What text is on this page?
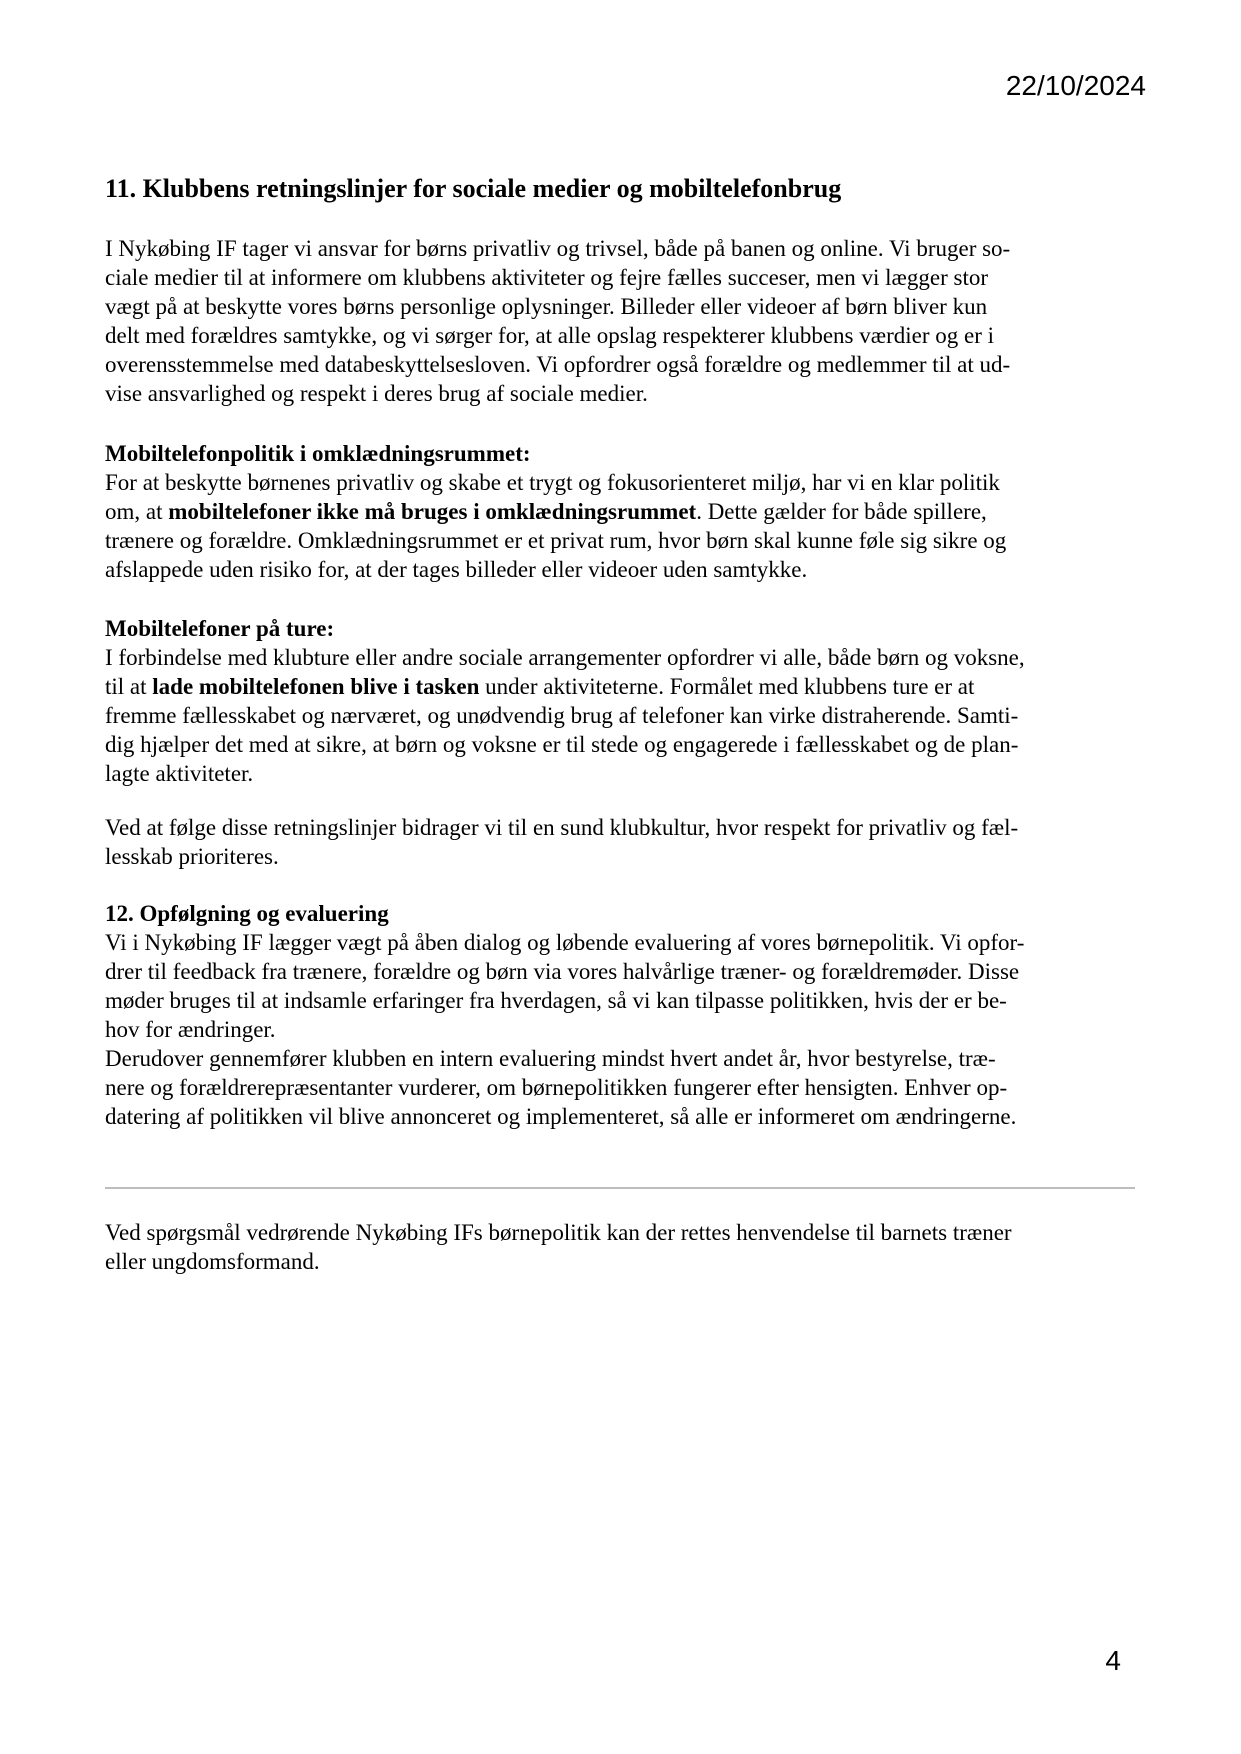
22/10/2024
11. Klubbens retningslinjer for sociale medier og mobiltelefonbrug
I Nykøbing IF tager vi ansvar for børns privatliv og trivsel, både på banen og online. Vi bruger so-
ciale medier til at informere om klubbens aktiviteter og fejre fælles succeser, men vi lægger stor
vægt på at beskytte vores børns personlige oplysninger. Billeder eller videoer af børn bliver kun
delt med forældres samtykke, og vi sørger for, at alle opslag respekterer klubbens værdier og er i
overensstemmelse med databeskyttelsesloven. Vi opfordrer også forældre og medlemmer til at ud-
vise ansvarlighed og respekt i deres brug af sociale medier.
Mobiltelefonpolitik i omklædningsrummet:
For at beskytte børnenes privatliv og skabe et trygt og fokusorienteret miljø, har vi en klar politik
om, at mobiltelefoner ikke må bruges i omklædningsrummet. Dette gælder for både spillere,
trænere og forældre. Omklædningsrummet er et privat rum, hvor børn skal kunne føle sig sikre og
afslappede uden risiko for, at der tages billeder eller videoer uden samtykke.
Mobiltelefoner på ture:
I forbindelse med klubture eller andre sociale arrangementer opfordrer vi alle, både børn og voksne,
til at lade mobiltelefonen blive i tasken under aktiviteterne. Formålet med klubbens ture er at
fremme fællesskabet og nærværet, og unødvendig brug af telefoner kan virke distraherende. Samti-
dig hjælper det med at sikre, at børn og voksne er til stede og engagerede i fællesskabet og de plan-
lagte aktiviteter.
Ved at følge disse retningslinjer bidrager vi til en sund klubkultur, hvor respekt for privatliv og fæl-
lesskab prioriteres.
12. Opfølgning og evaluering
Vi i Nykøbing IF lægger vægt på åben dialog og løbende evaluering af vores børnepolitik. Vi opfor-
drer til feedback fra trænere, forældre og børn via vores halvårlige træner- og forældremøder. Disse
møder bruges til at indsamle erfaringer fra hverdagen, så vi kan tilpasse politikken, hvis der er be-
hov for ændringer.
Derudover gennemfører klubben en intern evaluering mindst hvert andet år, hvor bestyrelse, træ-
nere og forældrerepræsentanter vurderer, om børnepolitikken fungerer efter hensigten. Enhver op-
datering af politikken vil blive annonceret og implementeret, så alle er informeret om ændringerne.
Ved spørgsmål vedrørende Nykøbing IFs børnepolitik kan der rettes henvendelse til barnets træner
eller ungdomsformand.
4
